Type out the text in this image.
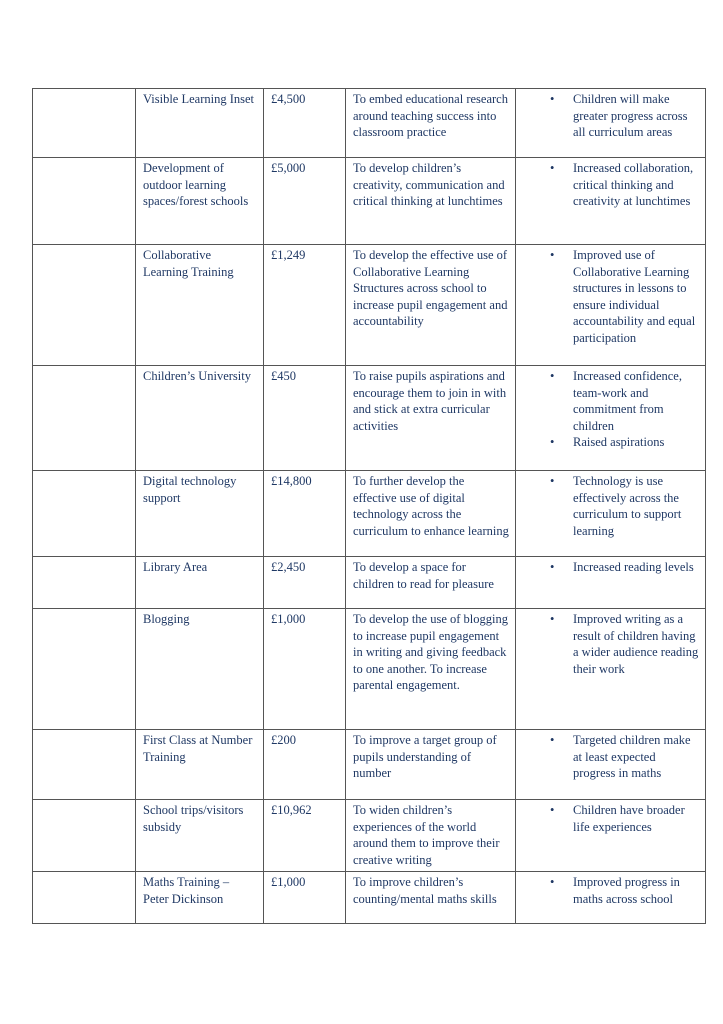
	Visible Learning Inset	£4,500	To embed educational research around teaching success into classroom practice	
• Children will make greater progress across all curriculum areas

	Development of outdoor learning spaces/forest schools	£5,000	To develop children’s creativity, communication and critical thinking at lunchtimes	
• Increased collaboration, critical thinking and creativity at lunchtimes

	Collaborative Learning Training	£1,249	To develop the effective use of Collaborative Learning Structures across school to increase pupil engagement and accountability	
• Improved use of Collaborative Learning structures in lessons to ensure individual accountability and equal participation

	Children’s University	£450	To raise pupils aspirations and encourage them to join in with and stick at extra curricular activities	
• Increased confidence, team-work and commitment from children
• Raised aspirations

	Digital technology support	£14,800	To further develop the effective use of digital technology across the curriculum to enhance learning	
• Technology is use effectively across the curriculum to support learning

	Library Area	£2,450	To develop a space for children to read for pleasure	
• Increased reading levels

	Blogging	£1,000	To develop the use of blogging to increase pupil engagement in writing and giving feedback to one another. To increase parental engagement.	
• Improved writing as a result of children having a wider audience reading their work

	First Class at Number Training	£200	To improve a target group of pupils understanding of number	
• Targeted children make at least expected progress in maths

	School trips/visitors subsidy	£10,962	To widen children’s experiences of the world around them to improve their creative writing	
• Children have broader life experiences

	Maths Training – Peter Dickinson	£1,000	To improve children’s counting/mental maths skills	
• Improved progress in maths across school
